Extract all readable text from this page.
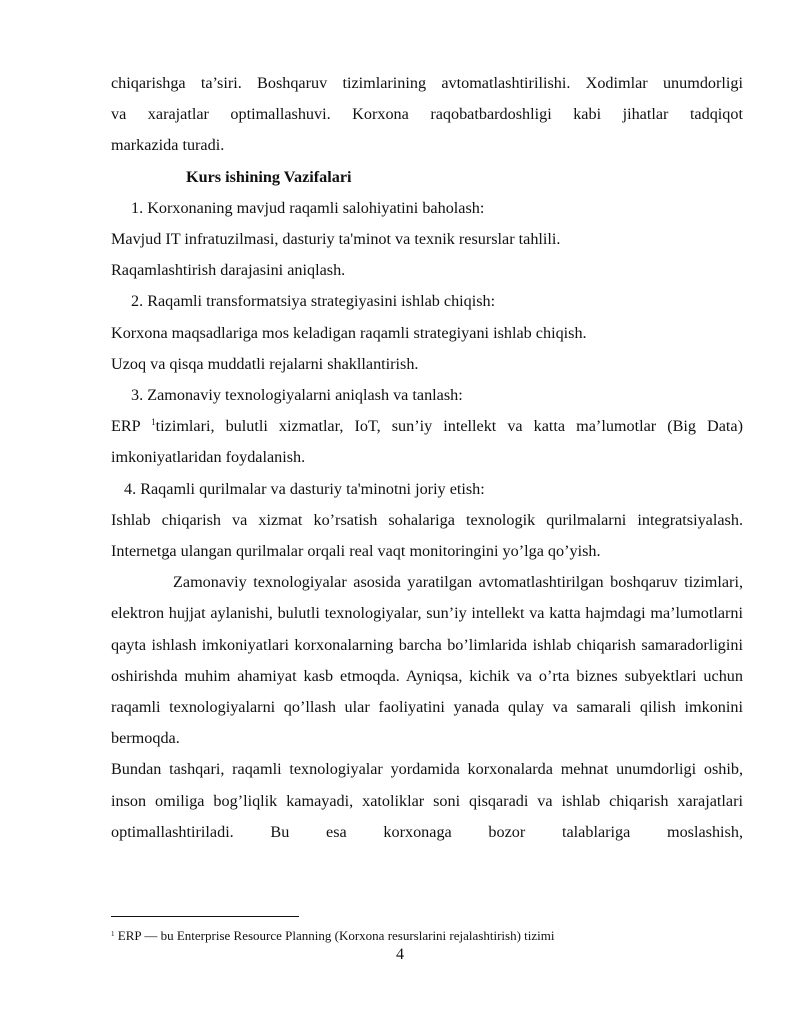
chiqarishga ta’siri. Boshqaruv tizimlarining avtomatlashtirilishi. Xodimlar unumdorligi

va xarajatlar optimallashuvi. Korxona raqobatbardoshligi kabi jihatlar tadqiqot

markazida turadi.

Kurs ishining Vazifalari

1. Korxonaning mavjud raqamli salohiyatini baholash:

Mavjud IT infratuzilmasi, dasturiy ta'minot va texnik resurslar tahlili.

Raqamlashtirish darajasini aniqlash.

2. Raqamli transformatsiya strategiyasini ishlab chiqish:

Korxona maqsadlariga mos keladigan raqamli strategiyani ishlab chiqish.

Uzoq va qisqa muddatli rejalarni shakllantirish.

3. Zamonaviy texnologiyalarni aniqlash va tanlash:

ERP $^1$tizimlari, bulutli xizmatlar, IoT, sun’iy intellekt va katta ma’lumotlar (Big Data)

imkoniyatlaridan foydalanish.

4. Raqamli qurilmalar va dasturiy ta'minotni joriy etish:

Ishlab chiqarish va xizmat ko’rsatish sohalariga texnologik qurilmalarni integratsiyalash. Internetga ulangan qurilmalar orqali real vaqt monitoringini yo’lga qo’yish.

Zamonaviy texnologiyalar asosida yaratilgan avtomatlashtirilgan boshqaruv tizimlari, elektron hujjat aylanishi, bulutli texnologiyalar, sun’iy intellekt va katta hajmdagi ma’lumotlarni qayta ishlash imkoniyatlari korxonalarning barcha bo’limlarida ishlab chiqarish samaradorligini oshirishda muhim ahamiyat kasb etmoqda. Ayniqsa, kichik va o’rta biznes subyektlari uchun raqamli texnologiyalarni qo’llash ular faoliyatini yanada qulay va samarali qilish imkonini bermoqda.

Bundan tashqari, raqamli texnologiyalar yordamida korxonalarda mehnat unumdorligi oshib, inson omiliga bog’liqlik kamayadi, xatoliklar soni qisqaradi va ishlab chiqarish xarajatlari optimallashtiriladi. Bu esa korxonaga bozor talablariga moslashish,

$^1$ ERP — bu Enterprise Resource Planning (Korxona resurslarini rejalashtirish) tizimi
4
